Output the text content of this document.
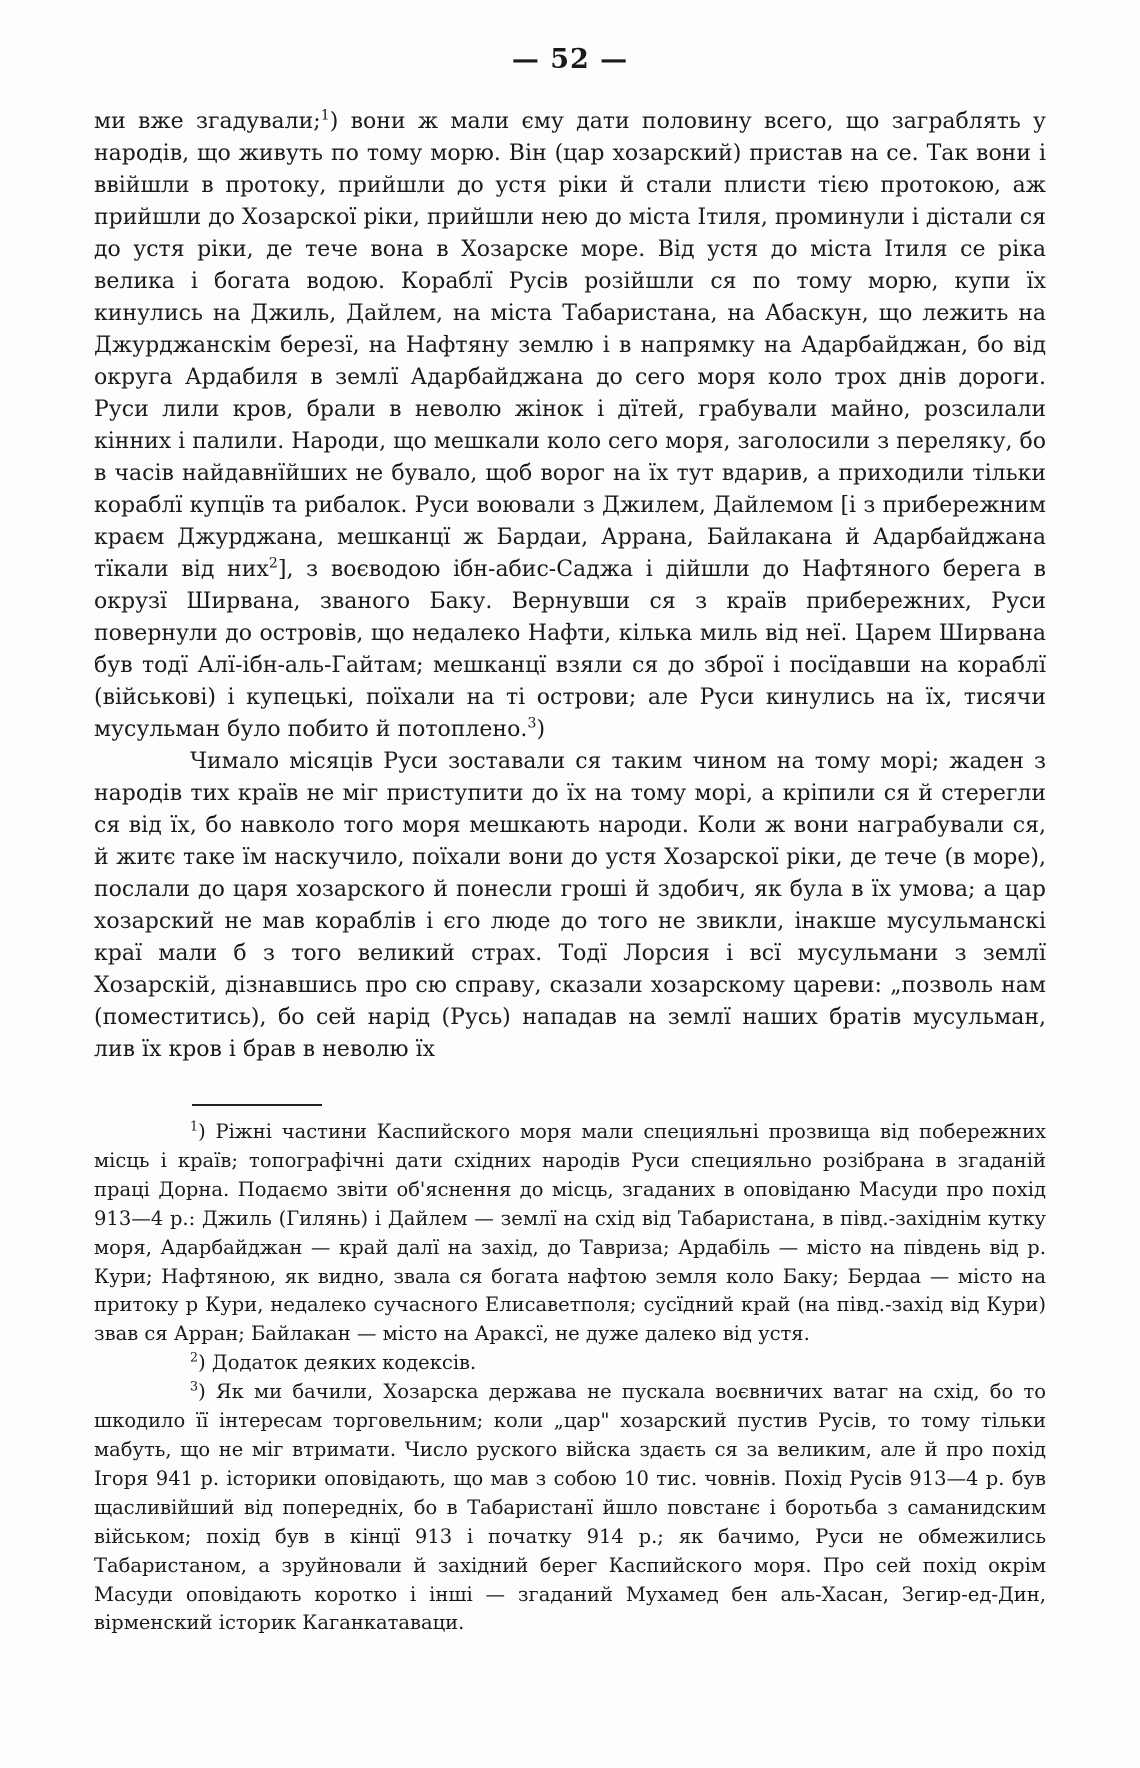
— 52 —

ми вже згадували;$^1$) вони ж мали єму дати половину всего, що заграблять у народів, що живуть по тому морю. Він (цар хозарский) пристав на се. Так вони і ввійшли в протоку, прийшли до устя ріки й стали плисти тією протокою, аж прийшли до Хозарскої ріки, прийшли нею до міста Ітиля, проминули і дістали ся до устя ріки, де тече вона в Хозарске море. Від устя до міста Ітиля се ріка велика і богата водою. Кораблї Русів розійшли ся по тому морю, купи їх кинулись на Джиль, Дайлем, на міста Табаристана, на Абаскун, що лежить на Джурджанскім березї, на Нафтяну землю і в напрямку на Адарбайджан, бо від округа Ардабиля в землї Адарбайджана до сего моря коло трох днів дороги. Руси лили кров, брали в неволю жінок і дїтей, грабували майно, розсилали кінних і палили. Народи, що мешкали коло сего моря, заголосили з переляку, бо в часів найдавнїйших не бувало, щоб ворог на їх тут вдарив, а приходили тільки кораблї купцїв та рибалок. Руси воювали з Джилем, Дайлемом [і з прибережним краєм Джурджана, мешканцї ж Бардаи, Аррана, Байлакана й Адарбайджана тїкали від них$^2$], з воєводою ібн-абис-Саджа і дійшли до Нафтяного берега в окрузї Ширвана, званого Баку. Вернувши ся з країв прибережних, Руси повернули до островів, що недалеко Нафти, кілька миль від неї. Царем Ширвана був тодї Алї-ібн-аль-Гайтам; мешканцї взяли ся до зброї і посїдавши на кораблї (військові) і купецькі, поїхали на ті острови; але Руси кинулись на їх, тисячи мусульман було побито й потоплено.$^3$)

Чимало місяців Руси зоставали ся таким чином на тому морі; жаден з народів тих країв не міг приступити до їх на тому морі, а кріпили ся й стерегли ся від їх, бо навколо того моря мешкають народи. Коли ж вони награбували ся, й житє таке їм наскучило, поїхали вони до устя Хозарскої ріки, де тече (в море), послали до царя хозарского й понесли гроші й здобич, як була в їх умова; а цар хозарский не мав кораблів і єго люде до того не звикли, інакше мусульманскі краї мали б з того великий страх. Тодї Лорсия і всї мусульмани з землї Хозарскій, дізнавшись про сю справу, сказали хозарскому цареви: „позволь нам (поместитись), бо сей нарід (Русь) нападав на землї наших братів мусульман, лив їх кров і брав в неволю їх

$^1$) Ріжні частини Каспийского моря мали специяльні прозвища від побережних місць і країв; топографічні дати східних народів Руси специяльно розібрана в згаданій праці Дорна. Подаємо звіти об'яснення до місць, згаданих в оповіданю Масуди про похід 913—4 р.: Джиль (Гилянь) і Дайлем — землї на схід від Табаристана, в півд.-західнім кутку моря, Адарбайджан — край далї на захід, до Тавриза; Ардабіль — місто на південь від р. Кури; Нафтяною, як видно, звала ся богата нафтою земля коло Баку; Бердаа — місто на притоку р Кури, недалеко сучасного Елисаветполя; сусїдний край (на півд.-захід від Кури) звав ся Арран; Байлакан — місто на Араксї, не дуже далеко від устя.

$^2$) Додаток деяких кодексів.

$^3$) Як ми бачили, Хозарска держава не пускала воєвничих ватаг на схід, бо то шкодило її інтересам торговельним; коли „цар" хозарский пустив Русів, то тому тільки мабуть, що не міг втримати. Число руского війска здаєть ся за великим, але й про похід Ігоря 941 р. історики оповідають, що мав з собою 10 тис. човнів. Похід Русів 913—4 р. був щасливійший від попередніх, бо в Табаристанї йшло повстанє і боротьба з саманидским військом; похід був в кінцї 913 і початку 914 р.; як бачимо, Руси не обмежились Табаристаном, а зруйновали й західний берег Каспийского моря. Про сей похід окрім Масуди оповідають коротко і інші — згаданий Мухамед бен аль-Хасан, Зегир-ед-Дин, вірменский історик Каганкатаваци.
